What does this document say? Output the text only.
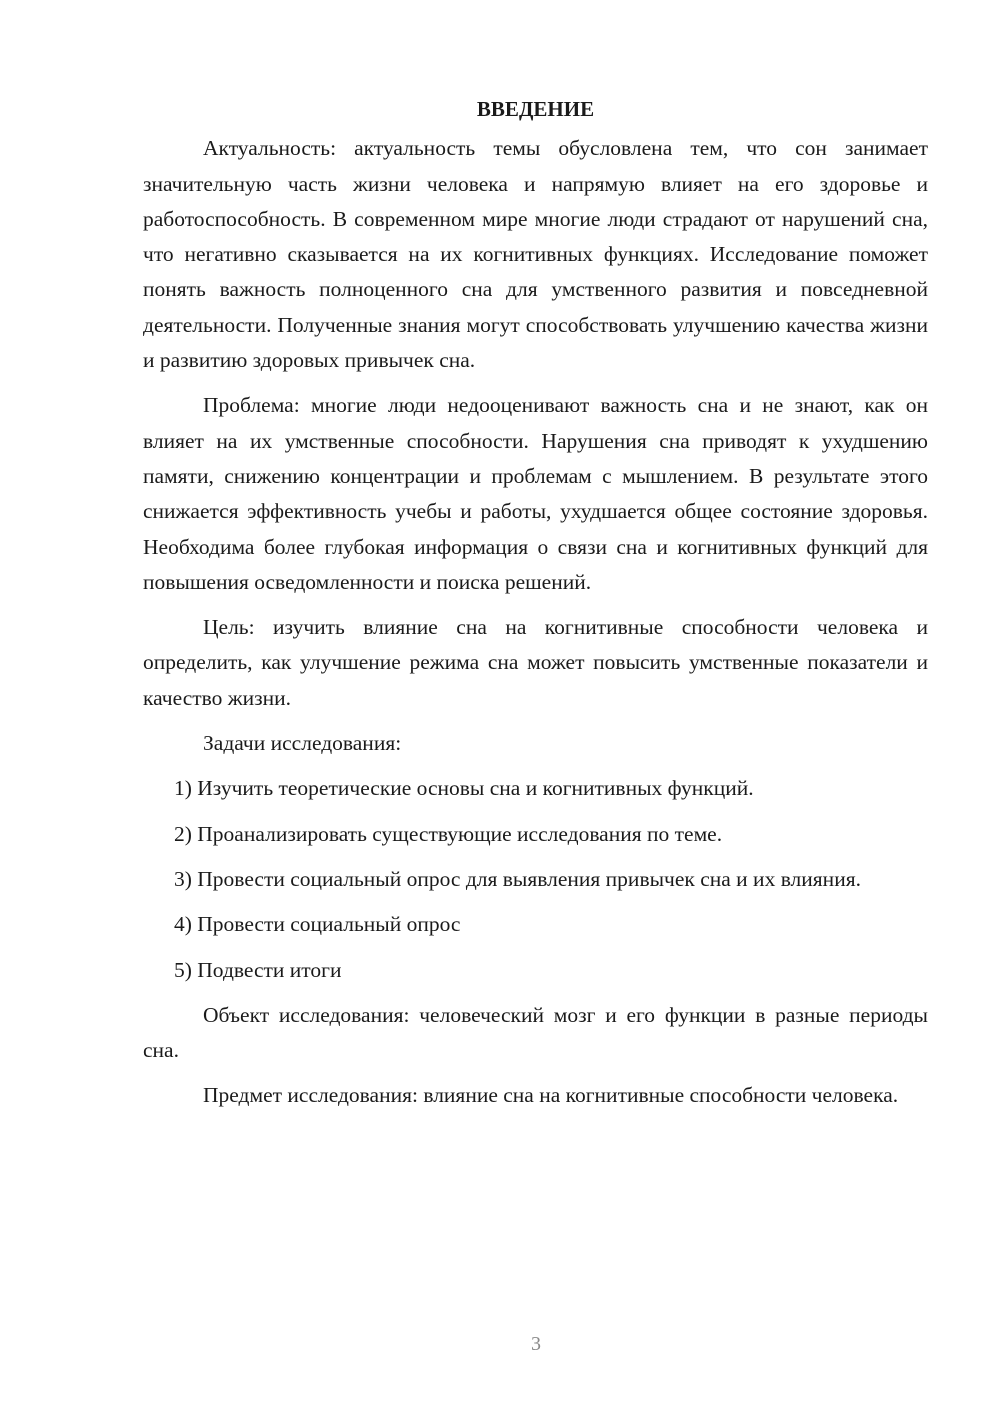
ВВЕДЕНИЕ

Актуальность: актуальность темы обусловлена тем, что сон занимает значительную часть жизни человека и напрямую влияет на его здоровье и работоспособность. В современном мире многие люди страдают от нарушений сна, что негативно сказывается на их когнитивных функциях. Исследование поможет понять важность полноценного сна для умственного развития и повседневной деятельности. Полученные знания могут способствовать улучшению качества жизни и развитию здоровых привычек сна.

Проблема: многие люди недооценивают важность сна и не знают, как он влияет на их умственные способности. Нарушения сна приводят к ухудшению памяти, снижению концентрации и проблемам с мышлением. В результате этого снижается эффективность учебы и работы, ухудшается общее состояние здоровья. Необходима более глубокая информация о связи сна и когнитивных функций для повышения осведомленности и поиска решений.

Цель: изучить влияние сна на когнитивные способности человека и определить, как улучшение режима сна может повысить умственные показатели и качество жизни.

Задачи исследования:

1) Изучить теоретические основы сна и когнитивных функций.

2) Проанализировать существующие исследования по теме.

3) Провести социальный опрос для выявления привычек сна и их влияния.

4) Провести социальный опрос

5) Подвести итоги

Объект исследования: человеческий мозг и его функции в разные периоды сна.

Предмет исследования: влияние сна на когнитивные способности человека.

3
